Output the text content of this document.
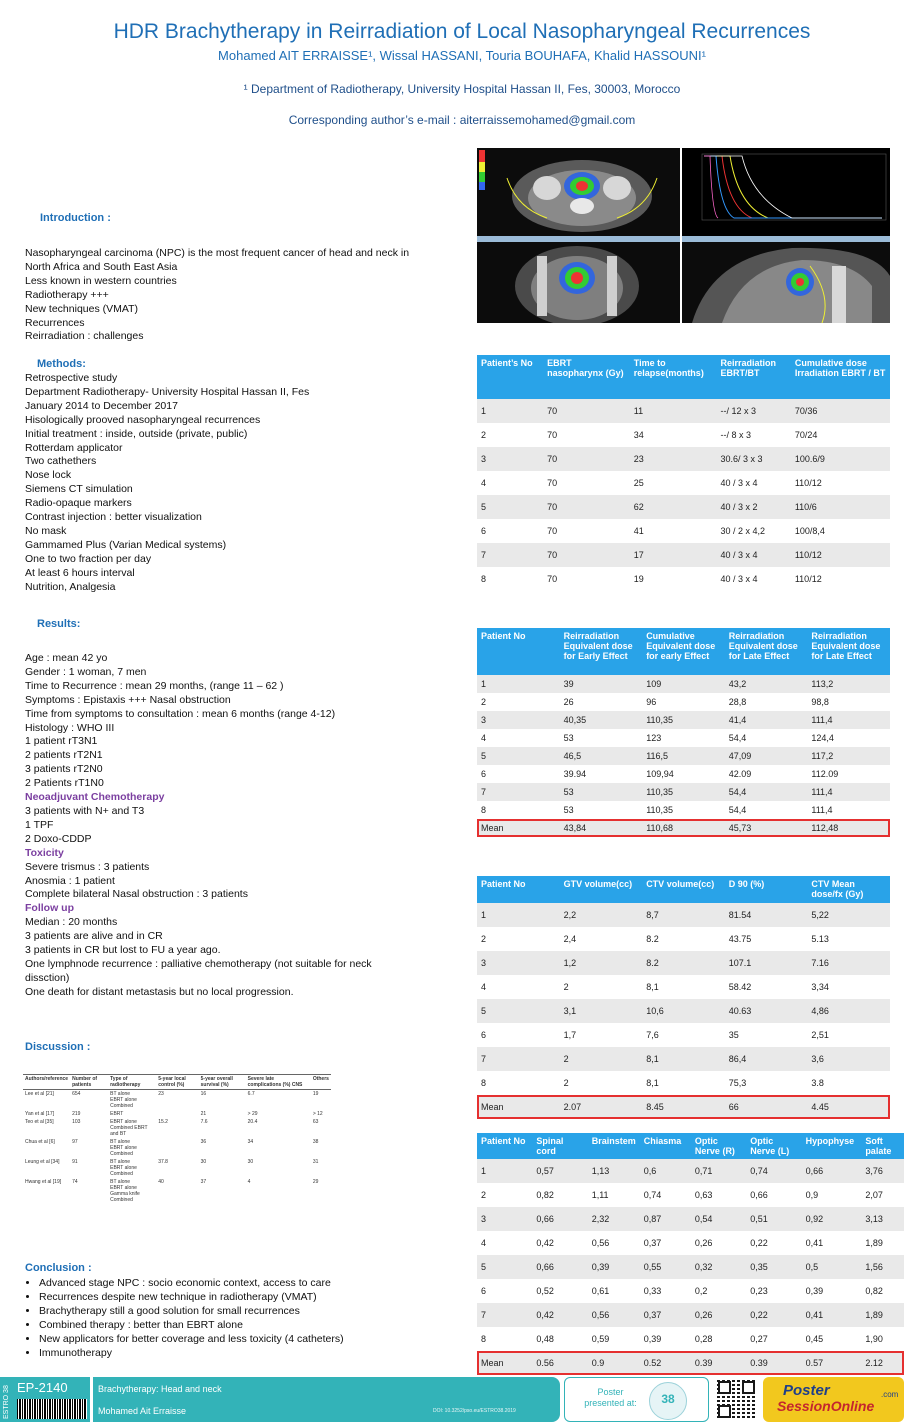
HDR Brachytherapy in Reirradiation of Local Nasopharyngeal Recurrences
Mohamed AIT ERRAISSE¹, Wissal HASSANI, Touria BOUHAFA, Khalid HASSOUNI¹
¹ Department of Radiotherapy, University Hospital Hassan II, Fes, 30003, Morocco
Corresponding author’s e-mail : aiterraissemohamed@gmail.com
Introduction :
Nasopharyngeal carcinoma (NPC) is the most frequent cancer of head and neck in
North Africa and South East Asia
Less known in western countries
Radiotherapy +++
New techniques (VMAT)
Recurrences
Reirradiation : challenges
Methods:
Retrospective study
Department Radiotherapy- University Hospital Hassan II, Fes
January 2014 to December 2017
Hisologically prooved nasopharyngeal recurrences
Initial treatment : inside, outside (private, public)
Rotterdam applicator
Two cathethers
Nose lock
Siemens CT simulation
Radio-opaque markers
Contrast injection : better visualization
No mask
Gammamed Plus (Varian Medical systems)
One to two fraction per day
At least 6 hours interval
Nutrition, Analgesia
Results:
Age : mean 42 yo
Gender : 1 woman, 7 men
Time to Recurrence : mean 29 months, (range 11 – 62 )
Symptoms : Epistaxis +++ Nasal obstruction
Time from symptoms to consultation : mean 6 months (range 4-12)
Histology : WHO III
1 patient rT3N1
2 patients rT2N1
3 patients rT2N0
2 Patients rT1N0
Neoadjuvant Chemotherapy
3 patients with N+ and T3
1 TPF
2 Doxo-CDDP
Toxicity
Severe trismus : 3 patients
Anosmia : 1 patient
Complete bilateral Nasal obstruction : 3 patients
Follow up
Median : 20 months
3 patients are alive and in CR
3 patients in CR but lost to FU a year ago.
One lymphnode recurrence : palliative chemotherapy (not suitable for neck
dissction)
One death for distant metastasis but no local progression.
Discussion :
Authors/reference	Number of patients	Type of radiotherapy	5-year local control (%)	5-year overall survival (%)	Severe late complications (%) CNS	Others
Lee et al [21]	654	BT alone
EBRT alone
Combined	23	16	6.7	19
Yan et al [17]	219	EBRT		21	> 29	> 12
Teo et al [35]	103	EBRT alone
Combined EBRT and BT	15.2	7.6	20.4	63
Chua et al [6]	97	BT alone
EBRT alone
Combined		36	34	38
Leung et al [34]	91	BT alone
EBRT alone
Combined	37.8	30	30	31
Hwang et al [19]	74	BT alone
EBRT alone
Gamma knife
Combined	40	37	4	29
Conclusion :
• Advanced stage NPC : socio economic context, access to care
• Recurrences despite new technique in radiotherapy (VMAT)
• Brachytherapy still a good solution for small recurrences
• Combined therapy : better than EBRT alone
• New applicators for better coverage and less toxicity (4 catheters)
• Immunotherapy
Patient’s No	EBRT nasopharynx (Gy)	Time to relapse(months)	Reirradiation EBRT/BT	Cumulative dose Irradiation EBRT / BT
1	70	11	--/ 12 x 3	70/36
2	70	34	--/ 8 x 3	70/24
3	70	23	30.6/ 3 x 3	100.6/9
4	70	25	40 / 3 x 4	110/12
5	70	62	40 / 3 x 2	110/6
6	70	41	30 / 2 x 4,2	100/8,4
7	70	17	40 / 3 x 4	110/12
8	70	19	40 / 3 x 4	110/12
Patient No	Reirradiation Equivalent dose for Early Effect	Cumulative Equivalent dose for early Effect	Reirradiation Equivalent dose for Late Effect	Reirradiation Equivalent dose for Late Effect
1	39	109	43,2	113,2
2	26	96	28,8	98,8
3	40,35	110,35	41,4	111,4
4	53	123	54,4	124,4
5	46,5	116,5	47,09	117,2
6	39.94	109,94	42.09	112.09
7	53	110,35	54,4	111,4
8	53	110,35	54,4	111,4
Mean	43,84	110,68	45,73	112,48
Patient No	GTV volume(cc)	CTV volume(cc)	D 90 (%)	CTV Mean dose/fx (Gy)
1	2,2	8,7	81.54	5,22
2	2,4	8.2	43.75	5.13
3	1,2	8.2	107.1	7.16
4	2	8,1	58.42	3,34
5	3,1	10,6	40.63	4,86
6	1,7	7,6	35	2,51
7	2	8,1	86,4	3,6
8	2	8,1	75,3	3.8
Mean	2.07	8.45	66	4.45
Patient No	Spinal cord	Brainstem	Chiasma	Optic Nerve (R)	Optic Nerve (L)	Hypophyse	Soft palate
1	0,57	1,13	0,6	0,71	0,74	0,66	3,76
2	0,82	1,11	0,74	0,63	0,66	0,9	2,07
3	0,66	2,32	0,87	0,54	0,51	0,92	3,13
4	0,42	0,56	0,37	0,26	0,22	0,41	1,89
5	0,66	0,39	0,55	0,32	0,35	0,5	1,56
6	0,52	0,61	0,33	0,2	0,23	0,39	0,82
7	0,42	0,56	0,37	0,26	0,22	0,41	1,89
8	0,48	0,59	0,39	0,28	0,27	0,45	1,90
Mean	0.56	0.9	0.52	0.39	0.39	0.57	2.12
ESTRO 38 EP-2140	Brachytherapy: Head and neck
Mohamed Ait Erraisse	DOI: 10.3252/pso.eu/ESTRO38.2019
Poster presented at:	38	Poster
SessionOnline
.com
